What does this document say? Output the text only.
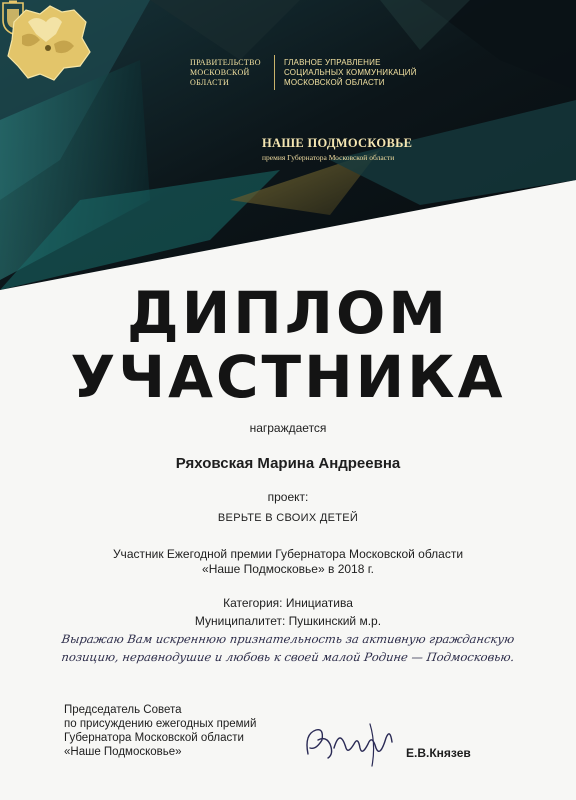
ПРАВИТЕЛЬСТВО
МОСКОВСКОЙ
ОБЛАСТИ
ГЛАВНОЕ УПРАВЛЕНИЕ
СОЦИАЛЬНЫХ КОММУНИКАЦИЙ
МОСКОВСКОЙ ОБЛАСТИ
НАШЕ ПОДМОСКОВЬЕ
премия Губернатора Московской области
ДИПЛОМ
УЧАСТНИКА
награждается
Ряховская Марина Андреевна
проект:
ВЕРЬТЕ В СВОИХ ДЕТЕЙ
Участник Ежегодной премии Губернатора Московской области
«Наше Подмосковье» в 2018 г.
Категория: Инициатива
Муниципалитет: Пушкинский м.р.
Выражаю Вам искреннюю признательность за активную гражданскую
позицию, неравнодушие и любовь к своей малой Родине — Подмосковью.
Председатель Совета
по присуждению ежегодных премий
Губернатора Московской области
«Наше Подмосковье»	Е.В.Князев
